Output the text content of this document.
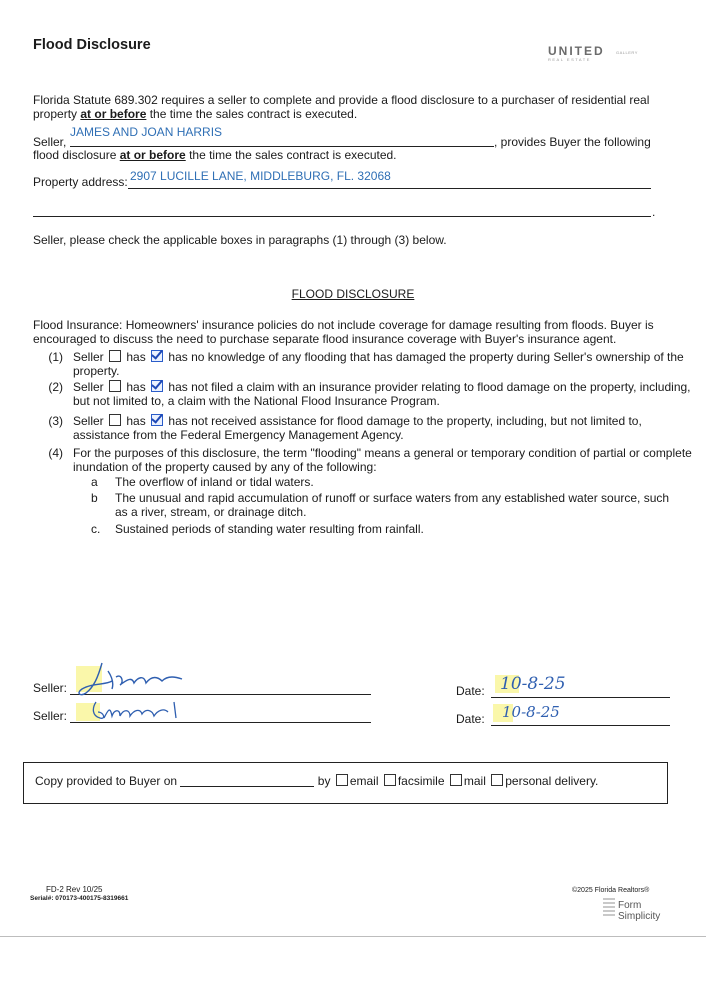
Flood Disclosure	UNITED	GALLERY
REAL ESTATE
Florida Statute 689.302 requires a seller to complete and provide a flood disclosure to a purchaser of residential real
property at or before the time the sales contract is executed.
Seller,
JAMES AND JOAN HARRIS
, provides Buyer the following
flood disclosure at or before the time the sales contract is executed.
Property address: 2907 LUCILLE LANE, MIDDLEBURG, FL. 32068
.
Seller, please check the applicable boxes in paragraphs (1) through (3) below.
FLOOD DISCLOSURE
Flood Insurance: Homeowners' insurance policies do not include coverage for damage resulting from floods. Buyer is
encouraged to discuss the need to purchase separate flood insurance coverage with Buyer's insurance agent.
(1) Seller has has no knowledge of any flooding that has damaged the property during Seller's ownership of the
property.
(2) Seller has has not filed a claim with an insurance provider relating to flood damage on the property, including,
but not limited to, a claim with the National Flood Insurance Program.
(3) Seller has has not received assistance for flood damage to the property, including, but not limited to,
assistance from the Federal Emergency Management Agency.
(4) For the purposes of this disclosure, the term "flooding" means a general or temporary condition of partial or complete
inundation of the property caused by any of the following:
a The overflow of inland or tidal waters.
b The unusual and rapid accumulation of runoff or surface waters from any established water source, such
as a river, stream, or drainage ditch.
c. Sustained periods of standing water resulting from rainfall.
Seller:	Date: 10-8-25
Seller:	Date: 10-8-25
Copy provided to Buyer on	by email facsimile mail personal delivery.
FD-2 Rev 10/25
Serial#: 070173-400175-8319661
©2025 Florida Realtors®
Form
Simplicity
